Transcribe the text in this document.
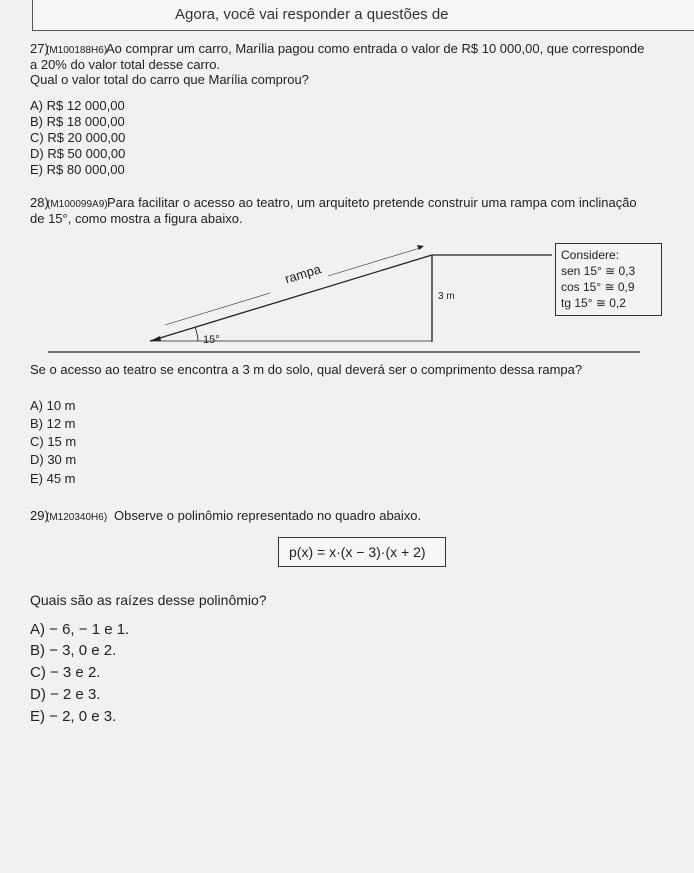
Agora, você vai responder a questões de
27)
(M100188H6)
Ao comprar um carro, Marília pagou como entrada o valor de R$ 10 000,00, que corresponde
a 20% do valor total desse carro.
Qual o valor total do carro que Marília comprou?
A) R$ 12 000,00
B) R$ 18 000,00
C) R$ 20 000,00
D) R$ 50 000,00
E) R$ 80 000,00
28)
(M100099A9) Para facilitar o acesso ao teatro, um arquiteto pretende construir uma rampa com inclinação
de 15°, como mostra a figura abaixo.
rampa
3 m
15°
Considere:
sen 15° ≅ 0,3
cos 15° ≅ 0,9
tg 15° ≅ 0,2
Se o acesso ao teatro se encontra a 3 m do solo, qual deverá ser o comprimento dessa rampa?
A) 10 m
B) 12 m
C) 15 m
D) 30 m
E) 45 m
29)
(M120340H6) Observe o polinômio representado no quadro abaixo.
p(x) = x·(x − 3)·(x + 2)
Quais são as raízes desse polinômio?
A) − 6, − 1 e 1.
B) − 3, 0 e 2.
C) − 3 e 2.
D) − 2 e 3.
E) − 2, 0 e 3.
